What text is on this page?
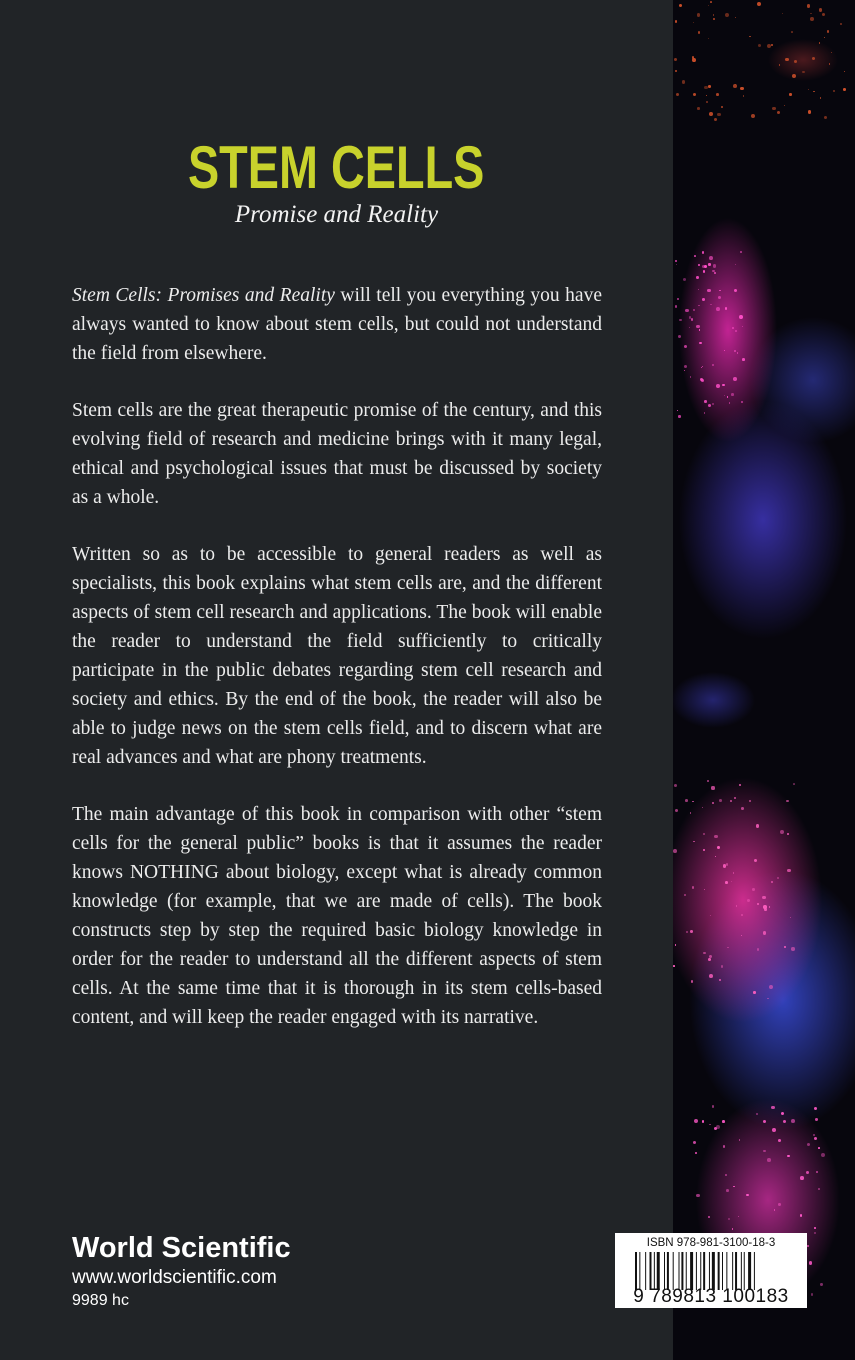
STEM CELLS
Promise and Reality

Stem Cells: Promises and Reality will tell you everything you have always wanted to know about stem cells, but could not understand the field from elsewhere.

Stem cells are the great therapeutic promise of the century, and this evolving field of research and medicine brings with it many legal, ethical and psychological issues that must be discussed by society as a whole.

Written so as to be accessible to general readers as well as specialists, this book explains what stem cells are, and the different aspects of stem cell research and applications. The book will enable the reader to understand the field sufficiently to critically participate in the public debates regarding stem cell research and society and ethics. By the end of the book, the reader will also be able to judge news on the stem cells field, and to discern what are real advances and what are phony treatments.

The main advantage of this book in comparison with other “stem cells for the general public” books is that it assumes the reader knows NOTHING about biology, except what is already common knowledge (for example, that we are made of cells). The book constructs step by step the required basic biology knowledge in order for the reader to understand all the different aspects of stem cells. At the same time that it is thorough in its stem cells-based content, and will keep the reader engaged with its narrative.

World Scientific
www.worldscientific.com
9989 hc
ISBN 978-981-3100-18-3
9 789813 100183
